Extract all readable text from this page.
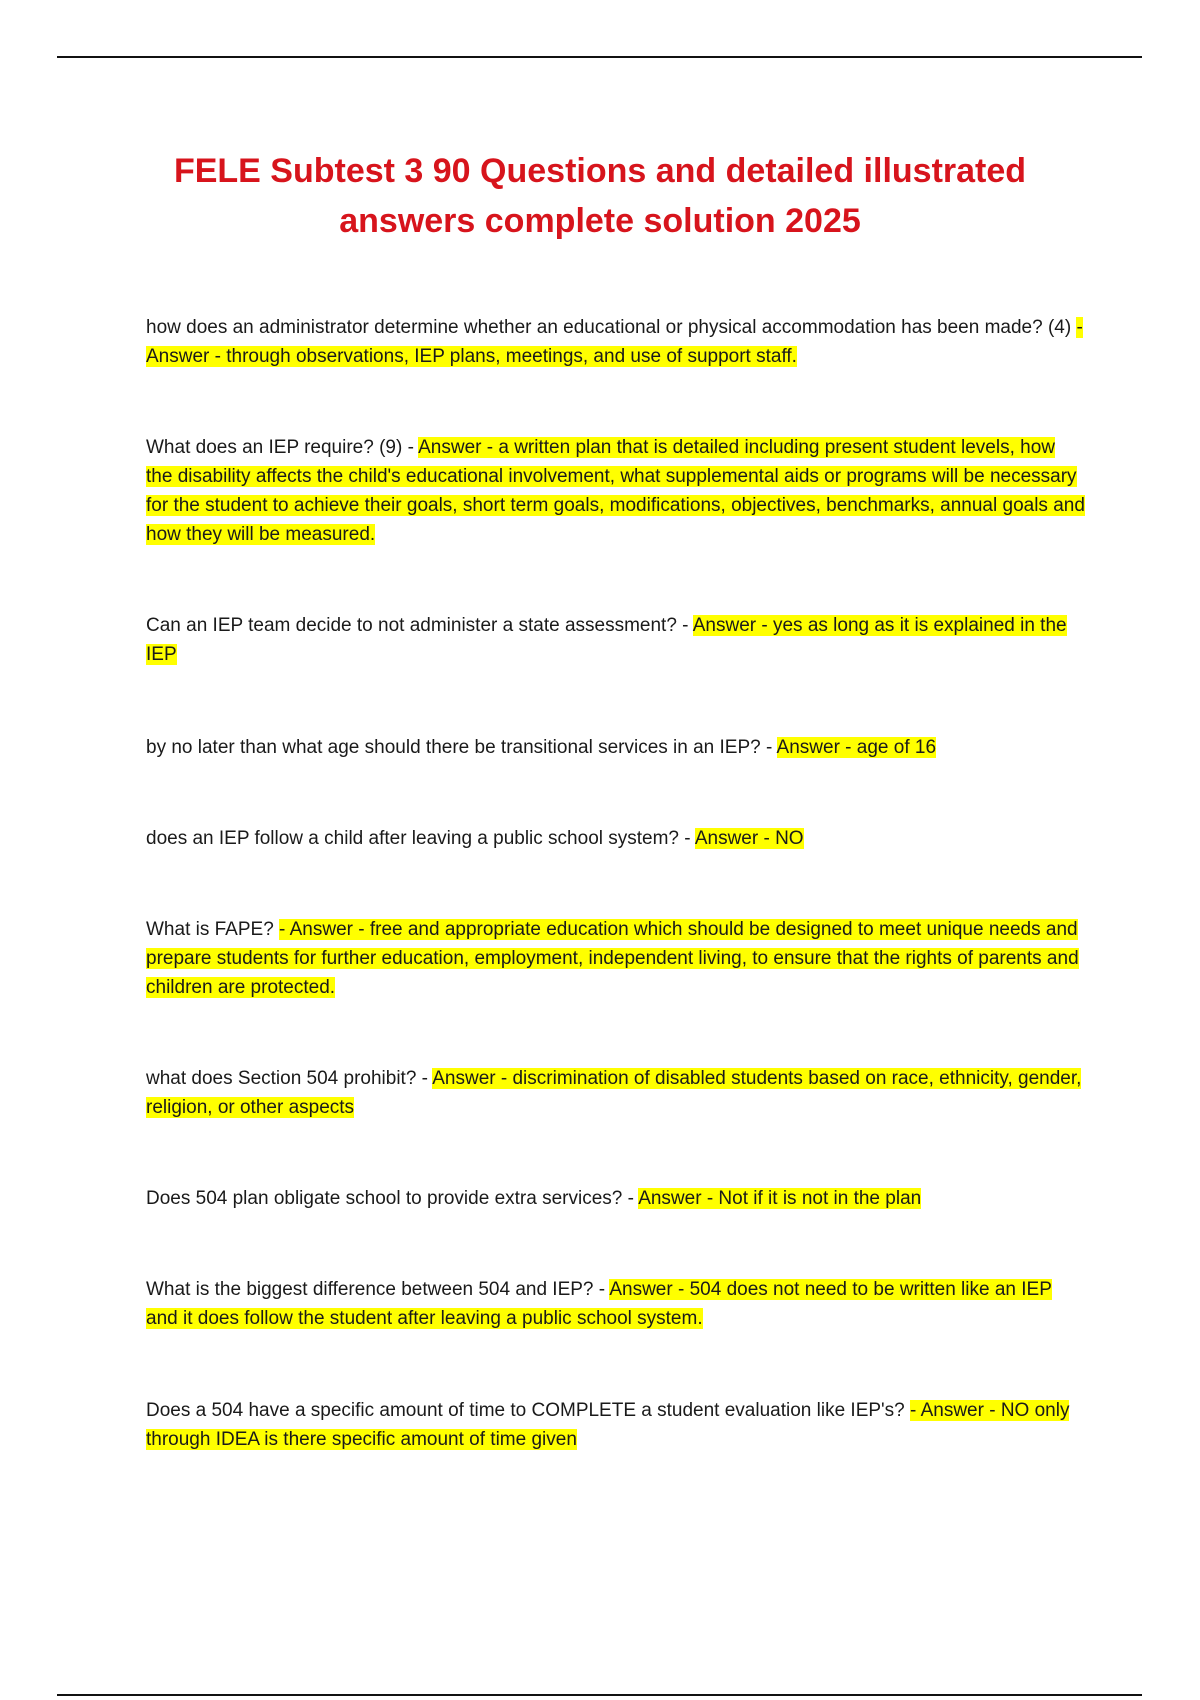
FELE Subtest 3 90 Questions and detailed illustrated
answers complete solution 2025

how does an administrator determine whether an educational or physical accommodation has been made? (4) - Answer - through observations, IEP plans, meetings, and use of support staff.

What does an IEP require? (9) - Answer - a written plan that is detailed including present student levels, how the disability affects the child's educational involvement, what supplemental aids or programs will be necessary for the student to achieve their goals, short term goals, modifications, objectives, benchmarks, annual goals and how they will be measured.

Can an IEP team decide to not administer a state assessment? - Answer - yes as long as it is explained in the IEP

by no later than what age should there be transitional services in an IEP? - Answer - age of 16

does an IEP follow a child after leaving a public school system? - Answer - NO

What is FAPE? - Answer - free and appropriate education which should be designed to meet unique needs and prepare students for further education, employment, independent living, to ensure that the rights of parents and children are protected.

what does Section 504 prohibit? - Answer - discrimination of disabled students based on race, ethnicity, gender, religion, or other aspects

Does 504 plan obligate school to provide extra services? - Answer - Not if it is not in the plan

What is the biggest difference between 504 and IEP? - Answer - 504 does not need to be written like an IEP and it does follow the student after leaving a public school system.

Does a 504 have a specific amount of time to COMPLETE a student evaluation like IEP's? - Answer - NO only through IDEA is there specific amount of time given
